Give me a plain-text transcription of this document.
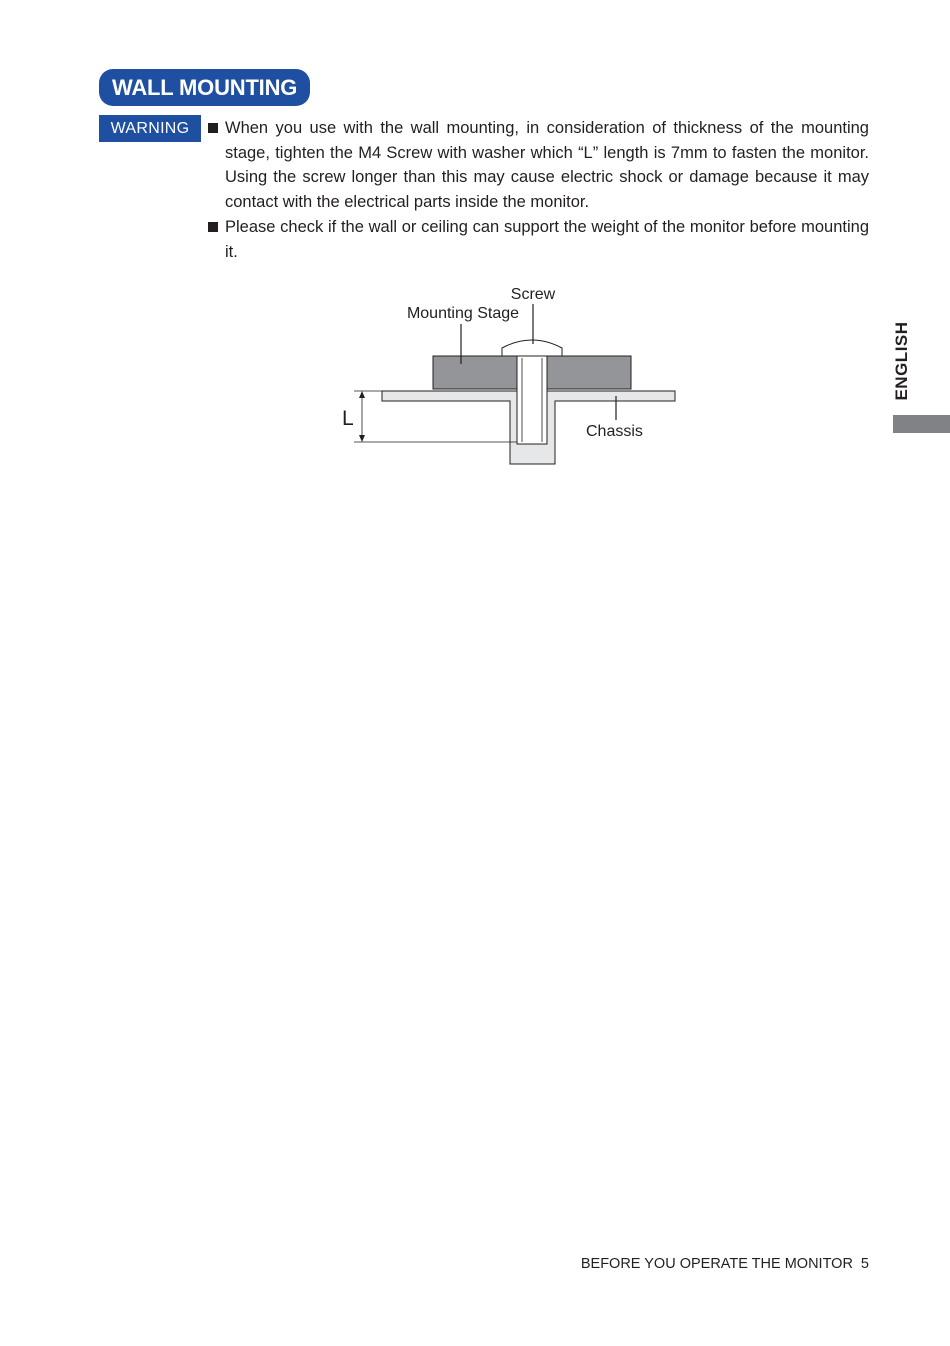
WALL MOUNTING
WARNING	When you use with the wall mounting, in consideration of thickness of the mounting stage, tighten the M4 Screw with washer which “L” length is 7mm to fasten the monitor. Using the screw longer than this may cause electric shock or damage because it may contact with the electrical parts inside the monitor.
Please check if the wall or ceiling can support the weight of the monitor before mounting it.
Screw
Mounting Stage
Chassis
L
ENGLISH
BEFORE YOU OPERATE THE MONITOR 5
